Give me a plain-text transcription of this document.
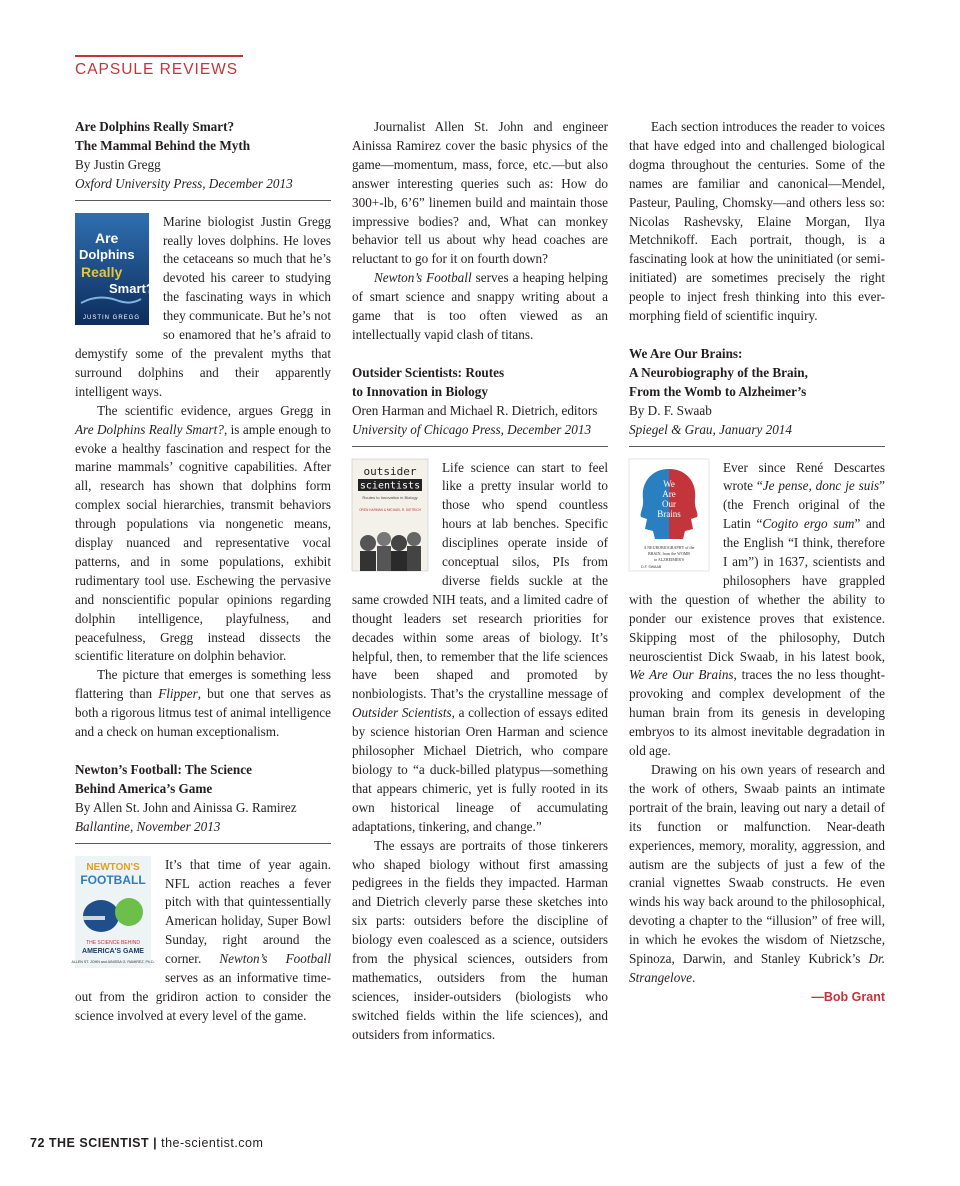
CAPSULE REVIEWS
Are Dolphins Really Smart?
The Mammal Behind the Myth
By Justin Gregg
Oxford University Press, December 2013
Are
Dolphins
Really
Smart?
JUSTIN GREGG

Marine biologist Justin Gregg really loves dolphins. He loves the cetaceans so much that he’s devoted his career to studying the fascinating ways in which they communicate. But he’s not so enamored that he’s afraid to demystify some of the prevalent myths that surround dolphins and their apparently intelligent ways.

The scientific evidence, argues Gregg in Are Dolphins Really Smart?, is ample enough to evoke a healthy fascination and respect for the marine mammals’ cognitive capabilities. After all, research has shown that dolphins form complex social hierarchies, transmit behaviors through populations via nongenetic means, display nuanced and representative vocal patterns, and in some populations, exhibit rudimentary tool use. Eschewing the pervasive and nonscientific popular opinions regarding dolphin intelligence, playfulness, and peacefulness, Gregg instead dissects the scientific literature on dolphin behavior.

The picture that emerges is something less flattering than Flipper, but one that serves as both a rigorous litmus test of animal intelligence and a check on human exceptionalism.

Newton’s Football: The Science
Behind America’s Game
By Allen St. John and Ainissa G. Ramirez
Ballantine, November 2013
NEWTON'S
FOOTBALL
THE SCIENCE BEHIND
AMERICA'S GAME
ALLEN ST. JOHN and AINISSA G. RAMIREZ, Ph.D.

It’s that time of year again. NFL action reaches a fever pitch with that quintessentially American holiday, Super Bowl Sunday, right around the corner. Newton’s Football serves as an informative time-out from the gridiron action to consider the science involved at every level of the game.

Journalist Allen St. John and engineer Ainissa Ramirez cover the basic physics of the game—momentum, mass, force, etc.—but also answer interesting queries such as: How do 300+-lb, 6’6” linemen build and maintain those impressive bodies? and, What can monkey behavior tell us about why head coaches are reluctant to go for it on fourth down?

Newton’s Football serves a heaping helping of smart science and snappy writing about a game that is too often viewed as an intellectually vapid clash of titans.

Outsider Scientists: Routes
to Innovation in Biology
Oren Harman and Michael R. Dietrich, editors
University of Chicago Press, December 2013
outsider
scientists
Routes to Innovation in Biology
OREN HARMAN & MICHAEL R. DIETRICH

Life science can start to feel like a pretty insular world to those who spend countless hours at lab benches. Specific disciplines operate inside of conceptual silos, PIs from diverse fields suckle at the same crowded NIH teats, and a limited cadre of thought leaders set research priorities for decades within some areas of biology. It’s helpful, then, to remember that the life sciences have been shaped and promoted by nonbiologists. That’s the crystalline message of Outsider Scientists, a collection of essays edited by science historian Oren Harman and science philosopher Michael Dietrich, who compare biology to “a duck-billed platypus—something that appears chimeric, yet is fully rooted in its own historical lineage of accumulating adaptations, tinkering, and change.”

The essays are portraits of those tinkerers who shaped biology without first amassing pedigrees in the fields they impacted. Harman and Dietrich cleverly parse these sketches into six parts: outsiders before the discipline of biology even coalesced as a science, outsiders from the physical sciences, outsiders from mathematics, outsiders from the human sciences, insider-outsiders (biologists who switched fields within the life sciences), and outsiders from informatics.

Each section introduces the reader to voices that have edged into and challenged biological dogma throughout the centuries. Some of the names are familiar and canonical—Mendel, Pasteur, Pauling, Chomsky—and others less so: Nicolas Rashevsky, Elaine Morgan, Ilya Metchnikoff. Each portrait, though, is a fascinating look at how the uninitiated (or semi-initiated) are sometimes precisely the right people to inject fresh thinking into this ever-morphing field of scientific inquiry.

We Are Our Brains:
A Neurobiography of the Brain,
From the Womb to Alzheimer’s
By D. F. Swaab
Spiegel & Grau, January 2014
We
Are
Our
Brains
A NEUROBIOGRAPHY of the
BRAIN, from the WOMB
to ALZHEIMER'S
D.F. SWAAB

Ever since René Descartes wrote “Je pense, donc je suis” (the French original of the Latin “Cogito ergo sum” and the English “I think, therefore I am”) in 1637, scientists and philosophers have grappled with the question of whether the ability to ponder our existence proves that existence. Skipping most of the philosophy, Dutch neuroscientist Dick Swaab, in his latest book, We Are Our Brains, traces the no less thought-provoking and complex development of the human brain from its genesis in developing embryos to its almost inevitable degradation in old age.

Drawing on his own years of research and the work of others, Swaab paints an intimate portrait of the brain, leaving out nary a detail of its function or malfunction. Near-death experiences, memory, morality, aggression, and autism are the subjects of just a few of the cranial vignettes Swaab constructs. He even winds his way back around to the philosophical, devoting a chapter to the “illusion” of free will, in which he evokes the wisdom of Nietzsche, Spinoza, Darwin, and Stanley Kubrick’s Dr. Strangelove.

—Bob Grant
72 THE SCIENTIST | the-scientist.com
